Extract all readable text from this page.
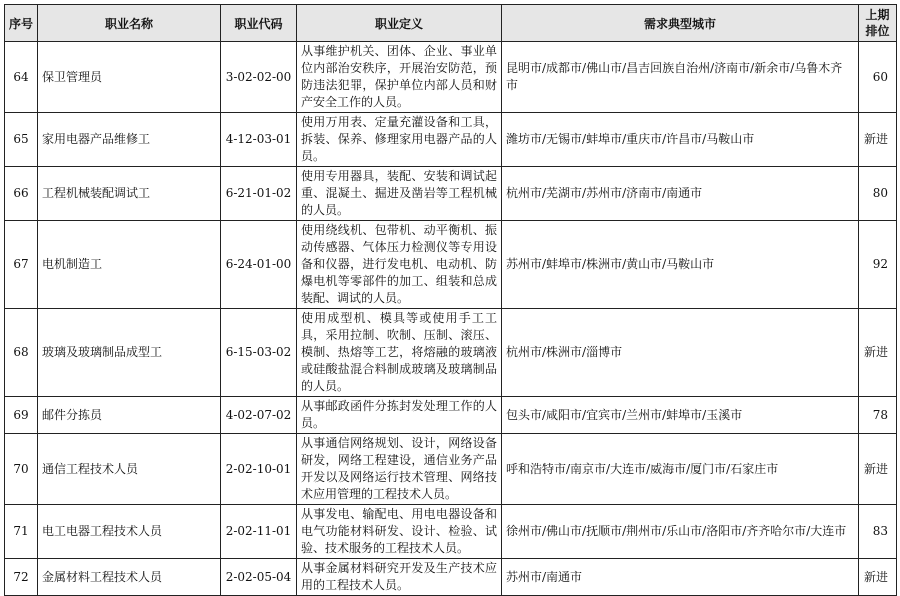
序号	职业名称	职业代码	职业定义	需求典型城市	上期
排位
64	保卫管理员	3-02-02-00	从事维护机关、团体、企业、事业单位内部治安秩序，开展治安防范，预防违法犯罪，保护单位内部人员和财产安全工作的人员。	昆明市/成都市/佛山市/昌吉回族自治州/济南市/新余市/乌鲁木齐市	60
65	家用电器产品维修工	4-12-03-01	使用万用表、定量充灌设备和工具，拆装、保养、修理家用电器产品的人员。	潍坊市/无锡市/蚌埠市/重庆市/许昌市/马鞍山市	新进
66	工程机械装配调试工	6-21-01-02	使用专用器具，装配、安装和调试起重、混凝土、掘进及凿岩等工程机械的人员。	杭州市/芜湖市/苏州市/济南市/南通市	80
67	电机制造工	6-24-01-00	使用绕线机、包带机、动平衡机、振动传感器、气体压力检测仪等专用设备和仪器，进行发电机、电动机、防爆电机等零部件的加工、组装和总成装配、调试的人员。	苏州市/蚌埠市/株洲市/黄山市/马鞍山市	92
68	玻璃及玻璃制品成型工	6-15-03-02	使用成型机、模具等或使用手工工具，采用拉制、吹制、压制、滚压、模制、热熔等工艺，将熔融的玻璃液或硅酸盐混合料制成玻璃及玻璃制品的人员。	杭州市/株洲市/淄博市	新进
69	邮件分拣员	4-02-07-02	从事邮政函件分拣封发处理工作的人员。	包头市/咸阳市/宜宾市/兰州市/蚌埠市/玉溪市	78
70	通信工程技术人员	2-02-10-01	从事通信网络规划、设计，网络设备研发，网络工程建设，通信业务产品开发以及网络运行技术管理、网络技术应用管理的工程技术人员。	呼和浩特市/南京市/大连市/威海市/厦门市/石家庄市	新进
71	电工电器工程技术人员	2-02-11-01	从事发电、输配电、用电电器设备和电气功能材料研发、设计、检验、试验、技术服务的工程技术人员。	徐州市/佛山市/抚顺市/荆州市/乐山市/洛阳市/齐齐哈尔市/大连市	83
72	金属材料工程技术人员	2-02-05-04	从事金属材料研究开发及生产技术应用的工程技术人员。	苏州市/南通市	新进
